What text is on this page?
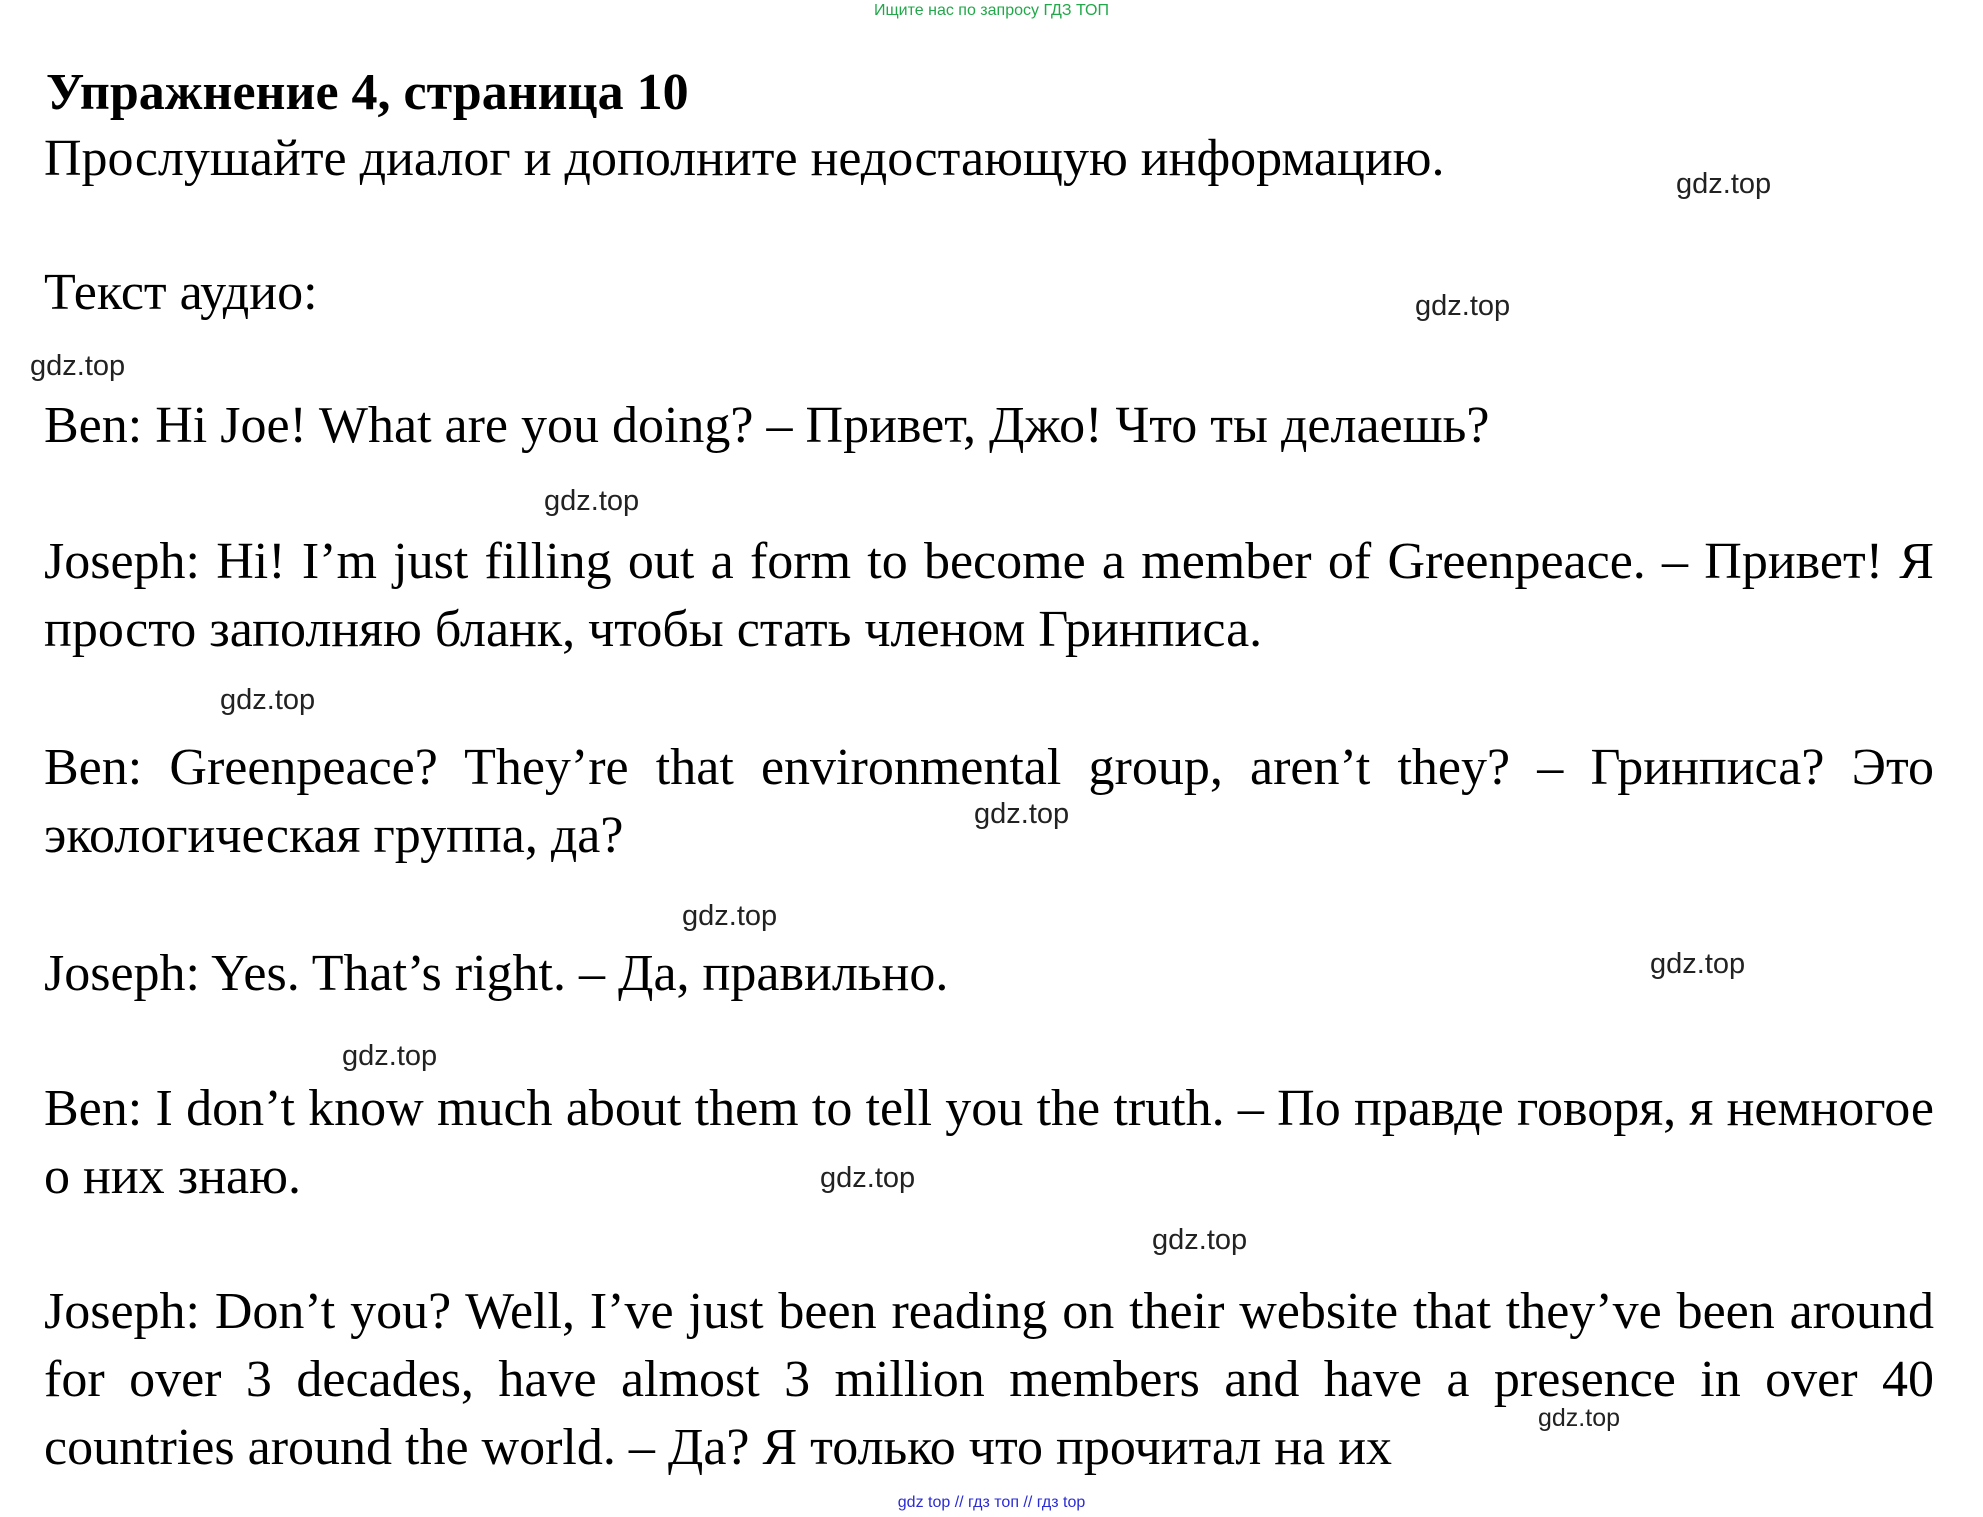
Ищите нас по запросу ГДЗ ТОП
Упражнение 4, страница 10

Прослушайте диалог и дополните недостающую информацию.

Текст аудио:

Ben: Hi Joe! What are you doing? – Привет, Джо! Что ты делаешь?

Joseph: Hi! I’m just filling out a form to become a member of Greenpeace. – Привет! Я просто заполняю бланк, чтобы стать членом Гринписа.

Ben: Greenpeace? They’re that environmental group, aren’t they? – Гринписа? Это экологическая группа, да?

Joseph: Yes. That’s right. – Да, правильно.

Ben: I don’t know much about them to tell you the truth. – По правде говоря, я немногое о них знаю.

Joseph: Don’t you? Well, I’ve just been reading on their website that they’ve been around for over 3 decades, have almost 3 million members and have a presence in over 40 countries around the world. – Да? Я только что прочитал на их

gdz.top
gdz.top
gdz.top
gdz.top
gdz.top
gdz.top
gdz.top
gdz.top
gdz.top
gdz.top
gdz.top
gdz.top
gdz top // гдз топ // гдз top
